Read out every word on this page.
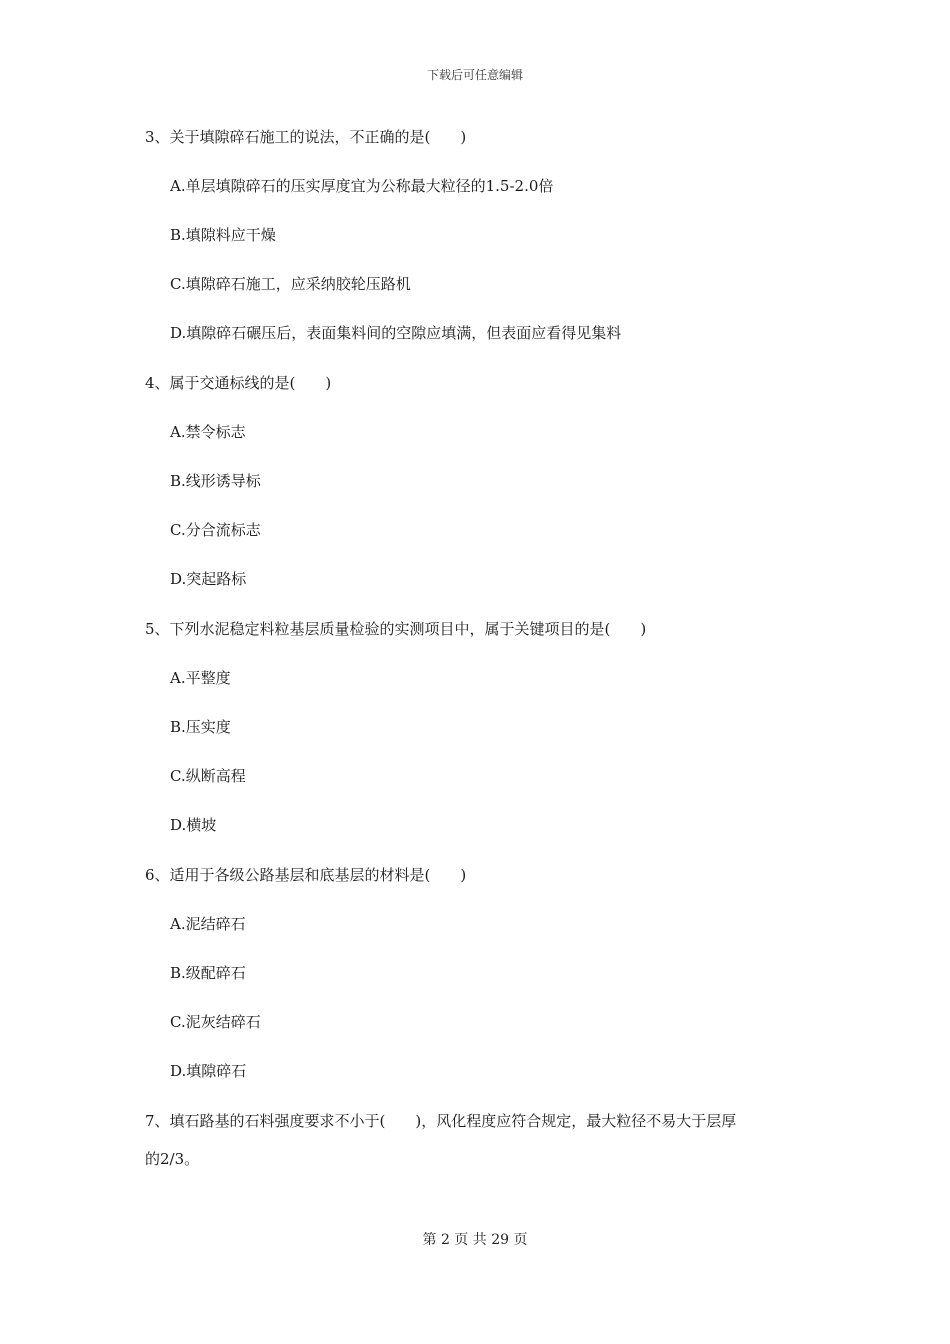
下载后可任意编辑
3、关于填隙碎石施工的说法，不正确的是(　　)
A.单层填隙碎石的压实厚度宜为公称最大粒径的1.5-2.0倍
B.填隙料应干燥
C.填隙碎石施工，应采纳胶轮压路机
D.填隙碎石碾压后，表面集料间的空隙应填满，但表面应看得见集料
4、属于交通标线的是(　　)
A.禁令标志
B.线形诱导标
C.分合流标志
D.突起路标
5、下列水泥稳定料粒基层质量检验的实测项目中，属于关键项目的是(　　)
A.平整度
B.压实度
C.纵断高程
D.横坡
6、适用于各级公路基层和底基层的材料是(　　)
A.泥结碎石
B.级配碎石
C.泥灰结碎石
D.填隙碎石
7、填石路基的石料强度要求不小于(　　)，风化程度应符合规定，最大粒径不易大于层厚
的2/3。
第 2 页 共 29 页
